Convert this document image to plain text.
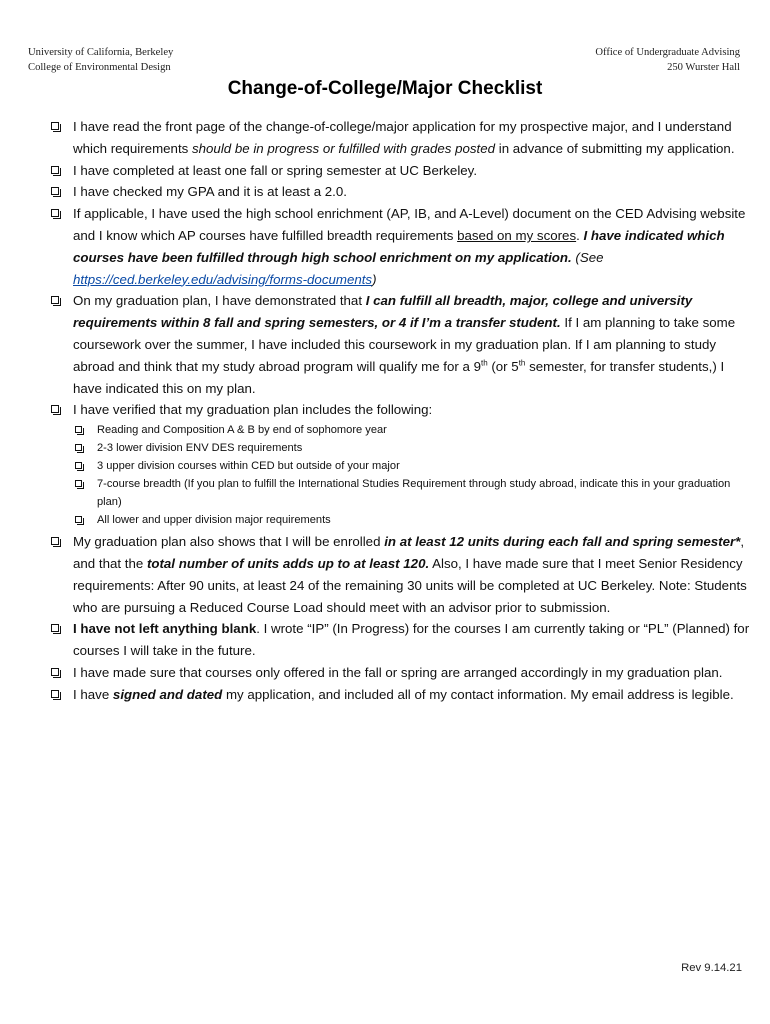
University of California, Berkeley
College of Environmental Design
Office of Undergraduate Advising
250 Wurster Hall
Change-of-College/Major Checklist
I have read the front page of the change-of-college/major application for my prospective major, and I understand which requirements should be in progress or fulfilled with grades posted in advance of submitting my application.
I have completed at least one fall or spring semester at UC Berkeley.
I have checked my GPA and it is at least a 2.0.
If applicable, I have used the high school enrichment (AP, IB, and A-Level) document on the CED Advising website and I know which AP courses have fulfilled breadth requirements based on my scores. I have indicated which courses have been fulfilled through high school enrichment on my application. (See https://ced.berkeley.edu/advising/forms-documents)
On my graduation plan, I have demonstrated that I can fulfill all breadth, major, college and university requirements within 8 fall and spring semesters, or 4 if I’m a transfer student. If I am planning to take some coursework over the summer, I have included this coursework in my graduation plan. If I am planning to study abroad and think that my study abroad program will qualify me for a 9th (or 5th semester, for transfer students,) I have indicated this on my plan.
I have verified that my graduation plan includes the following:
Reading and Composition A & B by end of sophomore year
2-3 lower division ENV DES requirements
3 upper division courses within CED but outside of your major
7-course breadth (If you plan to fulfill the International Studies Requirement through study abroad, indicate this in your graduation plan)
All lower and upper division major requirements
My graduation plan also shows that I will be enrolled in at least 12 units during each fall and spring semester*, and that the total number of units adds up to at least 120. Also, I have made sure that I meet Senior Residency requirements: After 90 units, at least 24 of the remaining 30 units will be completed at UC Berkeley. Note: Students who are pursuing a Reduced Course Load should meet with an advisor prior to submission.
I have not left anything blank. I wrote “IP” (In Progress) for the courses I am currently taking or “PL” (Planned) for courses I will take in the future.
I have made sure that courses only offered in the fall or spring are arranged accordingly in my graduation plan.
I have signed and dated my application, and included all of my contact information. My email address is legible.
Rev 9.14.21
